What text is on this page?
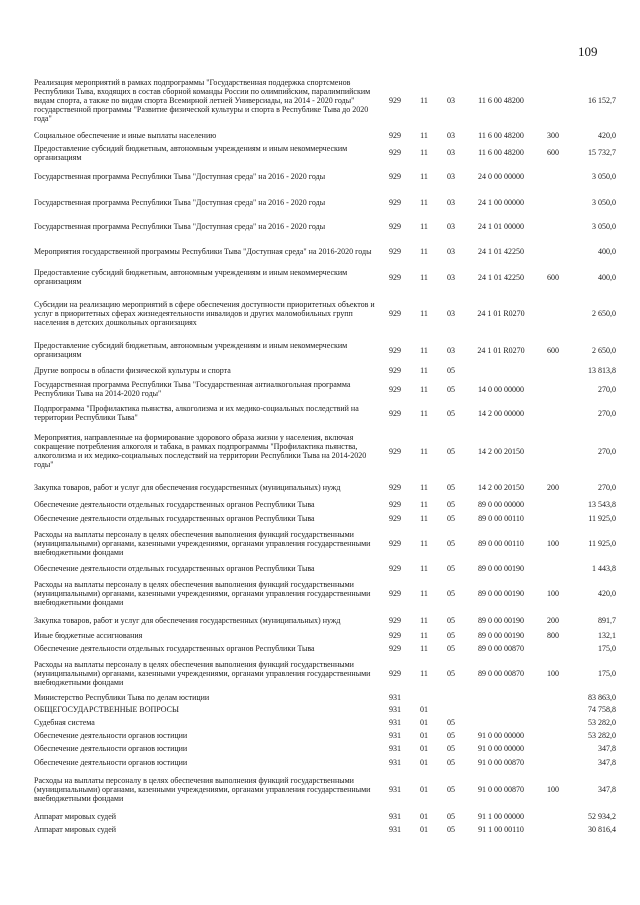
109
Реализация мероприятий в рамках подпрограммы "Государственная поддержка спортсменов Республики Тыва, входящих в состав сборной команды России по олимпийским, паралимпийским видам спорта, а также по видам спорта Всемирной летней Универсиады, на 2014 - 2020 годы" государственной программы "Развитие физической культуры и спорта в Республике Тыва до 2020 года"	929	11	03	11 6 00 48200		16 152,7
Социальное обеспечение и иные выплаты населению	929	11	03	11 6 00 48200	300	420,0
Предоставление субсидий бюджетным, автономным учреждениям и иным некоммерческим организациям	929	11	03	11 6 00 48200	600	15 732,7
Государственная программа Республики Тыва "Доступная среда" на 2016 - 2020 годы	929	11	03	24 0 00 00000		3 050,0
Государственная программа Республики Тыва "Доступная среда" на 2016 - 2020 годы	929	11	03	24 1 00 00000		3 050,0
Государственная программа Республики Тыва "Доступная среда" на 2016 - 2020 годы	929	11	03	24 1 01 00000		3 050,0
Мероприятия государственной программы Республики Тыва "Доступная среда" на 2016-2020 годы	929	11	03	24 1 01 42250		400,0
Предоставление субсидий бюджетным, автономным учреждениям и иным некоммерческим организациям	929	11	03	24 1 01 42250	600	400,0
Субсидии на реализацию мероприятий в сфере обеспечения доступности приоритетных объектов и услуг в приоритетных сферах жизнедеятельности инвалидов и других маломобильных групп населения в детских дошкольных организациях	929	11	03	24 1 01 R0270		2 650,0
Предоставление субсидий бюджетным, автономным учреждениям и иным некоммерческим организациям	929	11	03	24 1 01 R0270	600	2 650,0
Другие вопросы в области физической культуры и спорта	929	11	05			13 813,8
Государственная программа Республики Тыва "Государственная антиалкогольная программа Республики Тыва на 2014-2020 годы"	929	11	05	14 0 00 00000		270,0
Подпрограмма "Профилактика пьянства, алкоголизма и их медико-социальных последствий на территории Республики Тыва"	929	11	05	14 2 00 00000		270,0
Мероприятия, направленные на формирование здорового образа жизни у населения, включая сокращение потребления алкоголя и табака, в рамках подпрограммы "Профилактика пьянства, алкоголизма и их медико-социальных последствий на территории Республики Тыва на 2014-2020 годы"	929	11	05	14 2 00 20150		270,0
Закупка товаров, работ и услуг для обеспечения государственных (муниципальных) нужд	929	11	05	14 2 00 20150	200	270,0
Обеспечение деятельности отдельных государственных органов Республики Тыва	929	11	05	89 0 00 00000		13 543,8
Обеспечение деятельности отдельных государственных органов Республики Тыва	929	11	05	89 0 00 00110		11 925,0
Расходы на выплаты персоналу в целях обеспечения выполнения функций государственными (муниципальными) органами, казенными учреждениями, органами управления государственными внебюджетными фондами	929	11	05	89 0 00 00110	100	11 925,0
Обеспечение деятельности отдельных государственных органов Республики Тыва	929	11	05	89 0 00 00190		1 443,8
Расходы на выплаты персоналу в целях обеспечения выполнения функций государственными (муниципальными) органами, казенными учреждениями, органами управления государственными внебюджетными фондами	929	11	05	89 0 00 00190	100	420,0
Закупка товаров, работ и услуг для обеспечения государственных (муниципальных) нужд	929	11	05	89 0 00 00190	200	891,7
Иные бюджетные ассигнования	929	11	05	89 0 00 00190	800	132,1
Обеспечение деятельности отдельных государственных органов Республики Тыва	929	11	05	89 0 00 00870		175,0
Расходы на выплаты персоналу в целях обеспечения выполнения функций государственными (муниципальными) органами, казенными учреждениями, органами управления государственными внебюджетными фондами	929	11	05	89 0 00 00870	100	175,0
Министерство Республики Тыва по делам юстиции	931					83 863,0
ОБЩЕГОСУДАРСТВЕННЫЕ ВОПРОСЫ	931	01				74 758,8
Судебная система	931	01	05			53 282,0
Обеспечение деятельности органов юстиции	931	01	05	91 0 00 00000		53 282,0
Обеспечение деятельности органов юстиции	931	01	05	91 0 00 00000		347,8
Обеспечение деятельности органов юстиции	931	01	05	91 0 00 00870		347,8
Расходы на выплаты персоналу в целях обеспечения выполнения функций государственными (муниципальными) органами, казенными учреждениями, органами управления государственными внебюджетными фондами	931	01	05	91 0 00 00870	100	347,8
Аппарат мировых судей	931	01	05	91 1 00 00000		52 934,2
Аппарат мировых судей	931	01	05	91 1 00 00110		30 816,4
